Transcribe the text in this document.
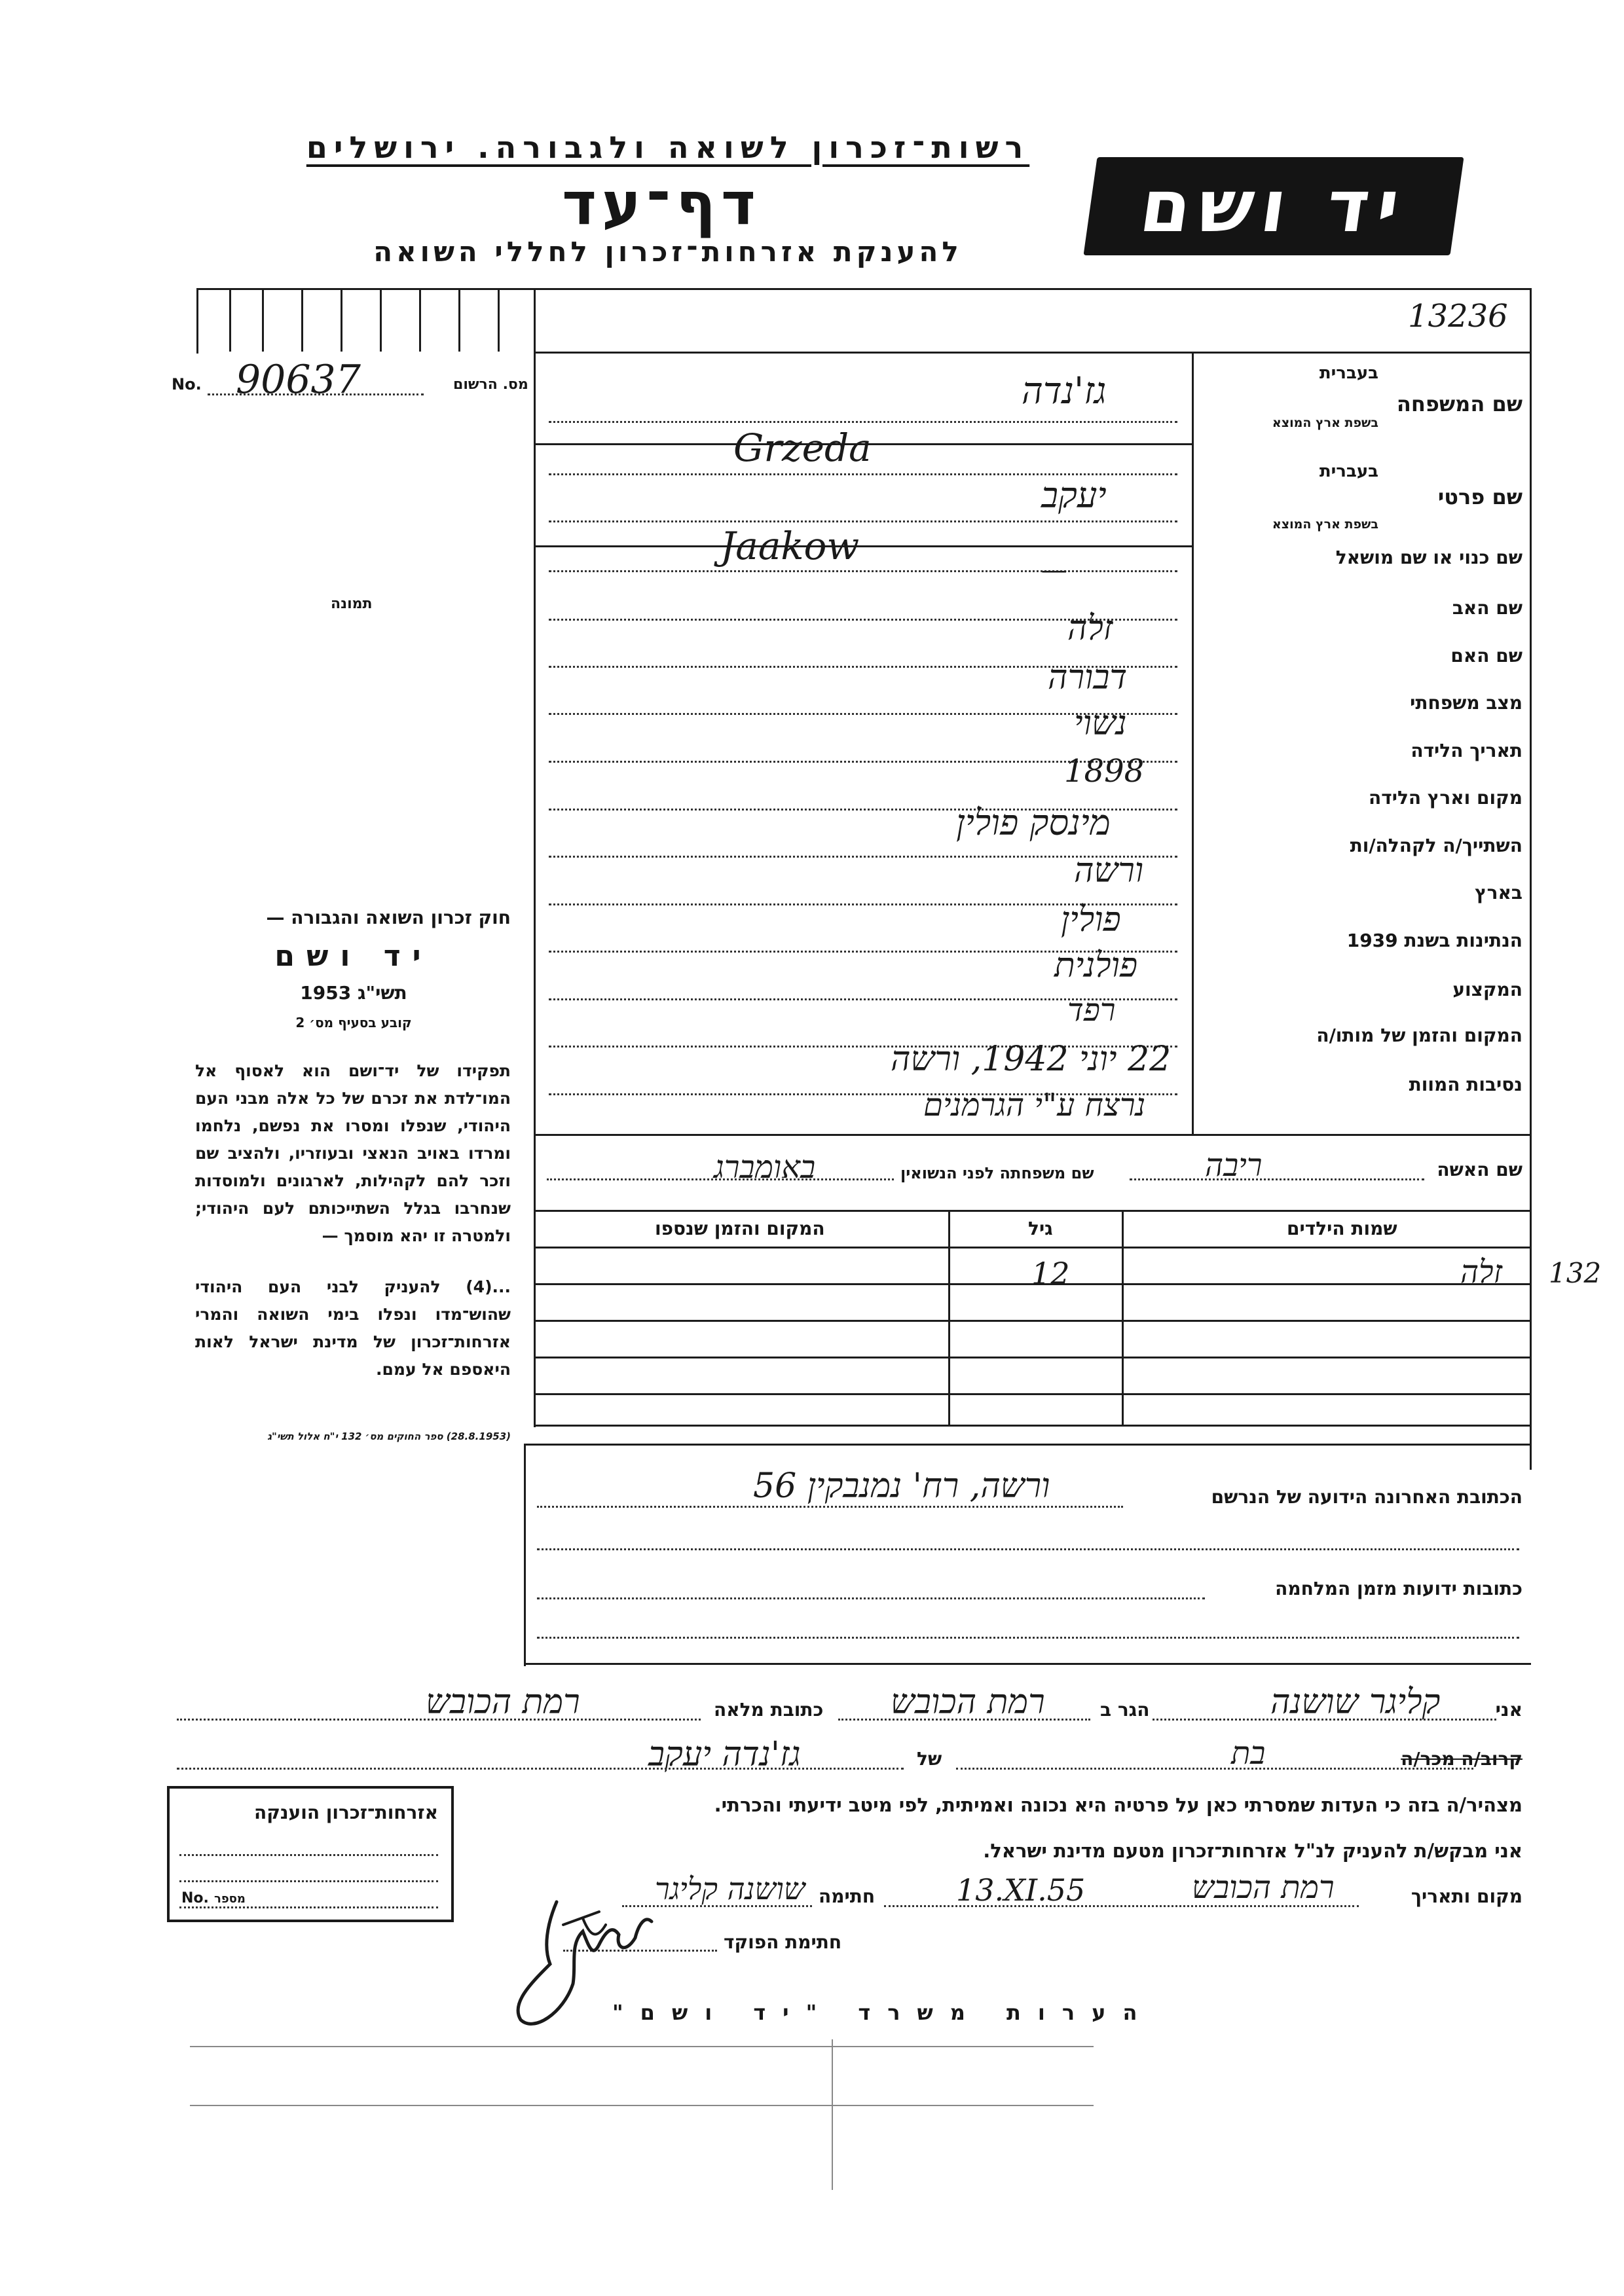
רשות־זכרון לשואה ולגבורה. ירושלים
דף־עד
להענקת אזרחות־זכרון לחללי השואה
יד ושם
13236
No. 90637	מס. הרשום
תמונה
שם המשפחה
בעברית
בשפת ארץ המוצא
שם פרטי
בעברית
בשפת ארץ המוצא
שם כנוי או שם מושאל
שם האב
שם האם
מצב משפחתי
תאריך הלידה
מקום וארץ הלידה
השתייך/ה לקהלה/ות
בארץ
הנתינות בשנת 1939
המקצוע
המקום והזמן של מותו/ה
נסיבות המוות
גז'נדה
Grzeda
יעקב
Jaakow
—
זלה
דבורה
נשוי
1898
מינסק פולין
ורשה
פולין
פולנית
רפד
22 יוני 1942, ורשה
נרצח ע"י הגרמנים
שם האשה
ריבה
שם משפחתה לפני הנשואין
באומברג
שמות הילדים
גיל
המקום והזמן שנספו
זלה
12	132
הכתובת האחרונה הידועה של הנרשם
ורשה, רח' נמנבקין 56
כתובות ידועות מזמן המלחמה
אני
קליגר שושנה
הגר ב
רמת הכובש
כתובת מלאה
רמת הכובש
קרוב/ה מכר/ה
בת
של
גז'נדה יעקב
מצהיר/ה בזה כי העדות שמסרתי כאן על פרטיה היא נכונה ואמיתית, לפי מיטב ידיעתי והכרתי.
אני מבקש/ת להעניק לנ"ל אזרחות־זכרון מטעם מדינת ישראל.
מקום ותאריך
רמת הכובש
13.XI.55
חתימה
שושנה קליגר
חתימת הפוקד
אזרחות־זכרון הוענקה
No. מספר
חוק זכרון השואה והגבורה —
יד ושם
תשי"ג 1953
קובע בסעיף מס׳ 2
תפקידו של יד־ושם הוא לאסוף אל המו־לדת את זכרם של כל אלה מבני העם היהודי, שנפלו ומסרו את נפשם, נלחמו ומרדו באויב הנאצי ובעוזריו, ולהציב שם וזכר להם לקהילות, לארגונים ולמוסדות שנחרבו בגלל השתייכותם לעם היהודי; ולמטרה זו יהא מוסמך —
...(4) להעניק לבני העם היהודי שהוש־מדו ונפלו בימי השואה והמרי אזרחות־זכרון של מדינת ישראל לאות היאספם אל עמם.
(28.8.1953) ספר החוקים מס׳ 132 י"ח אלול תשי"ג
הערות משרד "יד ושם"
